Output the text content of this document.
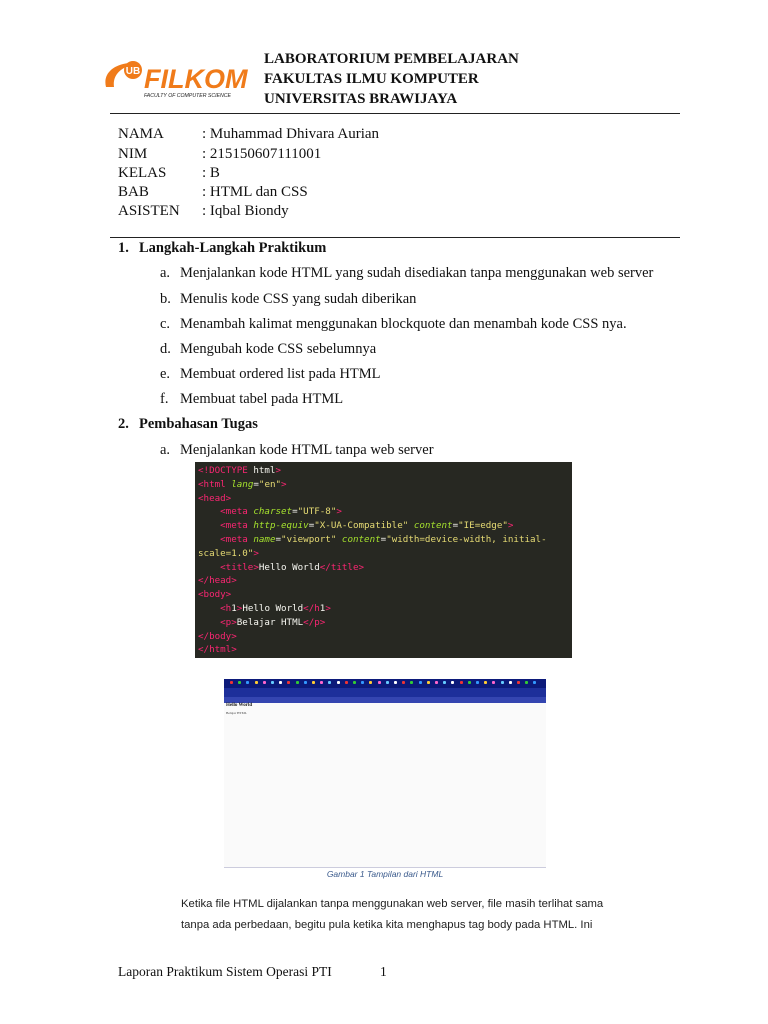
UB FILKOM
FACULTY OF COMPUTER SCIENCE
LABORATORIUM PEMBELAJARAN
FAKULTAS ILMU KOMPUTER
UNIVERSITAS BRAWIJAYA
NAMA	: Muhammad Dhivara Aurian
NIM	: 215150607111001
KELAS : B
BAB	: HTML dan CSS
ASISTEN : Iqbal Biondy
1. Langkah-Langkah Praktikum
a. Menjalankan kode HTML yang sudah disediakan tanpa menggunakan web server
b. Menulis kode CSS yang sudah diberikan
c. Menambah kalimat menggunakan blockquote dan menambah kode CSS nya.
d. Mengubah kode CSS sebelumnya
e. Membuat ordered list pada HTML
f. Membuat tabel pada HTML
2. Pembahasan Tugas
a. Menjalankan kode HTML tanpa web server
<!DOCTYPE html>
<html lang="en">
<head>
<meta charset="UTF-8">
<meta http-equiv="X-UA-Compatible" content="IE=edge">
<meta name="viewport" content="width=device-width, initial-
scale=1.0">
<title>Hello World</title>
</head>
<body>
<h1>Hello World</h1>
<p>Belajar HTML</p>
</body>
</html>
Hello World
Belajar HTML
Gambar 1 Tampilan dari HTML
Ketika file HTML dijalankan tanpa menggunakan web server, file masih terlihat sama
tanpa ada perbedaan, begitu pula ketika kita menghapus tag body pada HTML. Ini
Laporan Praktikum Sistem Operasi PTI	1
